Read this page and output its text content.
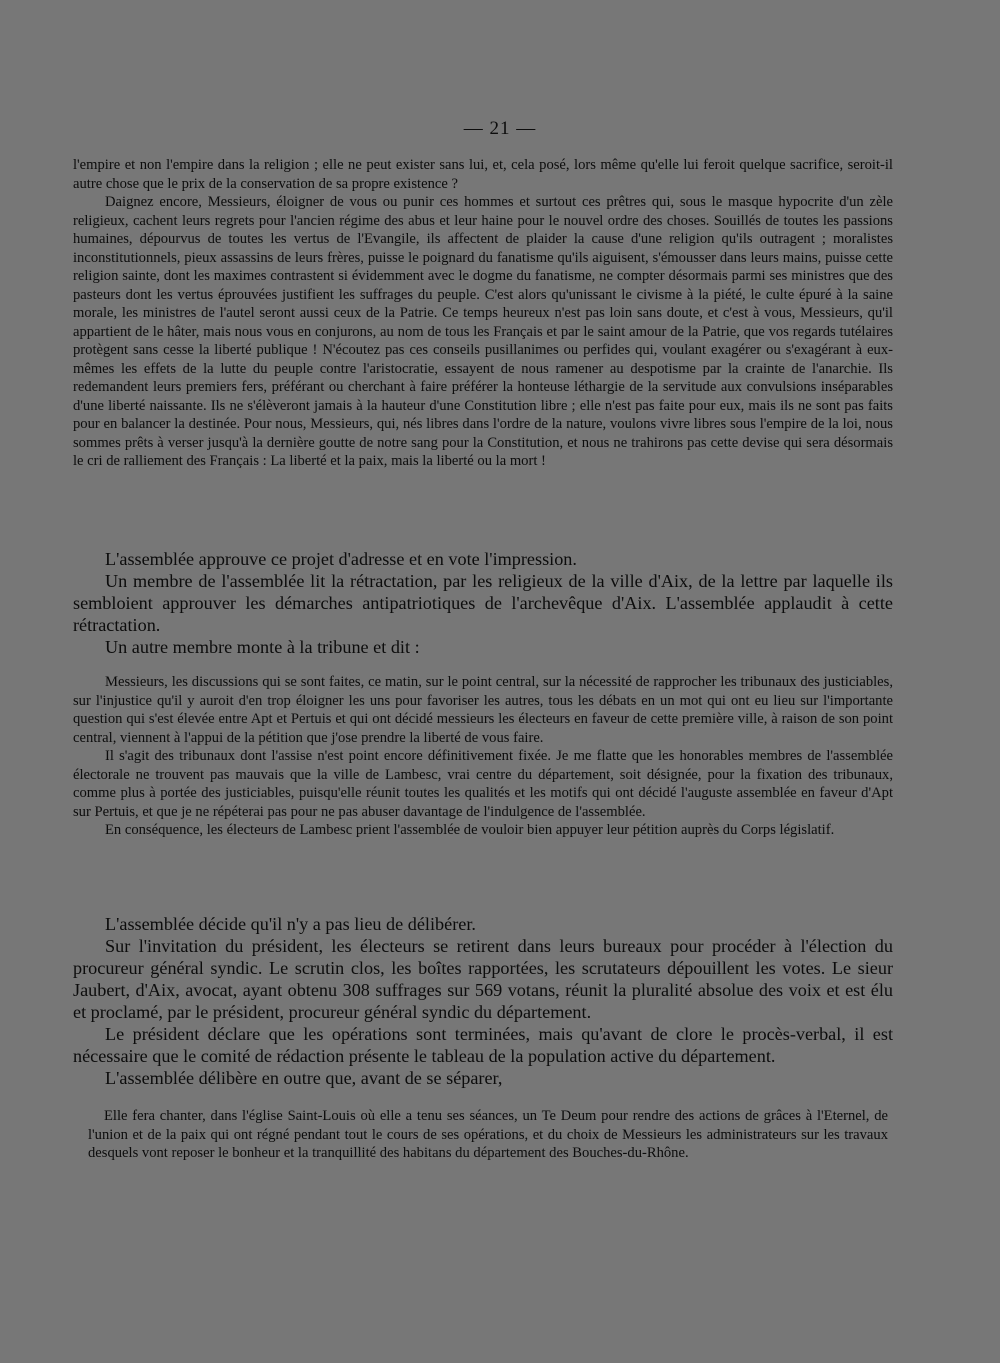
— 21 —

l'empire et non l'empire dans la religion ; elle ne peut exister sans lui, et, cela posé, lors même qu'elle lui feroit quelque sacrifice, seroit-il autre chose que le prix de la conservation de sa propre existence ?

Daignez encore, Messieurs, éloigner de vous ou punir ces hommes et surtout ces prêtres qui, sous le masque hypocrite d'un zèle religieux, cachent leurs regrets pour l'ancien régime des abus et leur haine pour le nouvel ordre des choses. Souillés de toutes les passions humaines, dépourvus de toutes les vertus de l'Evangile, ils affectent de plaider la cause d'une religion qu'ils outragent ; moralistes inconstitutionnels, pieux assassins de leurs frères, puisse le poignard du fanatisme qu'ils aiguisent, s'émousser dans leurs mains, puisse cette religion sainte, dont les maximes contrastent si évidemment avec le dogme du fanatisme, ne compter désormais parmi ses ministres que des pasteurs dont les vertus éprouvées justifient les suffrages du peuple. C'est alors qu'unissant le civisme à la piété, le culte épuré à la saine morale, les ministres de l'autel seront aussi ceux de la Patrie. Ce temps heureux n'est pas loin sans doute, et c'est à vous, Messieurs, qu'il appartient de le hâter, mais nous vous en conjurons, au nom de tous les Français et par le saint amour de la Patrie, que vos regards tutélaires protègent sans cesse la liberté publique ! N'écoutez pas ces conseils pusillanimes ou perfides qui, voulant exagérer ou s'exagérant à eux-mêmes les effets de la lutte du peuple contre l'aristocratie, essayent de nous ramener au despotisme par la crainte de l'anarchie. Ils redemandent leurs premiers fers, préférant ou cherchant à faire préférer la honteuse léthargie de la servitude aux convulsions inséparables d'une liberté naissante. Ils ne s'élèveront jamais à la hauteur d'une Constitution libre ; elle n'est pas faite pour eux, mais ils ne sont pas faits pour en balancer la destinée. Pour nous, Messieurs, qui, nés libres dans l'ordre de la nature, voulons vivre libres sous l'empire de la loi, nous sommes prêts à verser jusqu'à la dernière goutte de notre sang pour la Constitution, et nous ne trahirons pas cette devise qui sera désormais le cri de ralliement des Français : La liberté et la paix, mais la liberté ou la mort !

L'assemblée approuve ce projet d'adresse et en vote l'impression.

Un membre de l'assemblée lit la rétractation, par les religieux de la ville d'Aix, de la lettre par laquelle ils sembloient approuver les démarches antipatriotiques de l'archevêque d'Aix. L'assemblée applaudit à cette rétractation.

Un autre membre monte à la tribune et dit :

Messieurs, les discussions qui se sont faites, ce matin, sur le point central, sur la nécessité de rapprocher les tribunaux des justiciables, sur l'injustice qu'il y auroit d'en trop éloigner les uns pour favoriser les autres, tous les débats en un mot qui ont eu lieu sur l'importante question qui s'est élevée entre Apt et Pertuis et qui ont décidé messieurs les électeurs en faveur de cette première ville, à raison de son point central, viennent à l'appui de la pétition que j'ose prendre la liberté de vous faire.

Il s'agit des tribunaux dont l'assise n'est point encore définitivement fixée. Je me flatte que les honorables membres de l'assemblée électorale ne trouvent pas mauvais que la ville de Lambesc, vrai centre du département, soit désignée, pour la fixation des tribunaux, comme plus à portée des justiciables, puisqu'elle réunit toutes les qualités et les motifs qui ont décidé l'auguste assemblée en faveur d'Apt sur Pertuis, et que je ne répéterai pas pour ne pas abuser davantage de l'indulgence de l'assemblée.

En conséquence, les électeurs de Lambesc prient l'assemblée de vouloir bien appuyer leur pétition auprès du Corps législatif.

L'assemblée décide qu'il n'y a pas lieu de délibérer.

Sur l'invitation du président, les électeurs se retirent dans leurs bureaux pour procéder à l'élection du procureur général syndic. Le scrutin clos, les boîtes rapportées, les scrutateurs dépouillent les votes. Le sieur Jaubert, d'Aix, avocat, ayant obtenu 308 suffrages sur 569 votans, réunit la pluralité absolue des voix et est élu et proclamé, par le président, procureur général syndic du département.

Le président déclare que les opérations sont terminées, mais qu'avant de clore le procès-verbal, il est nécessaire que le comité de rédaction présente le tableau de la population active du département.

L'assemblée délibère en outre que, avant de se séparer,

Elle fera chanter, dans l'église Saint-Louis où elle a tenu ses séances, un Te Deum pour rendre des actions de grâces à l'Eternel, de l'union et de la paix qui ont régné pendant tout le cours de ses opérations, et du choix de Messieurs les administrateurs sur les travaux desquels vont reposer le bonheur et la tranquillité des habitans du département des Bouches-du-Rhône.
